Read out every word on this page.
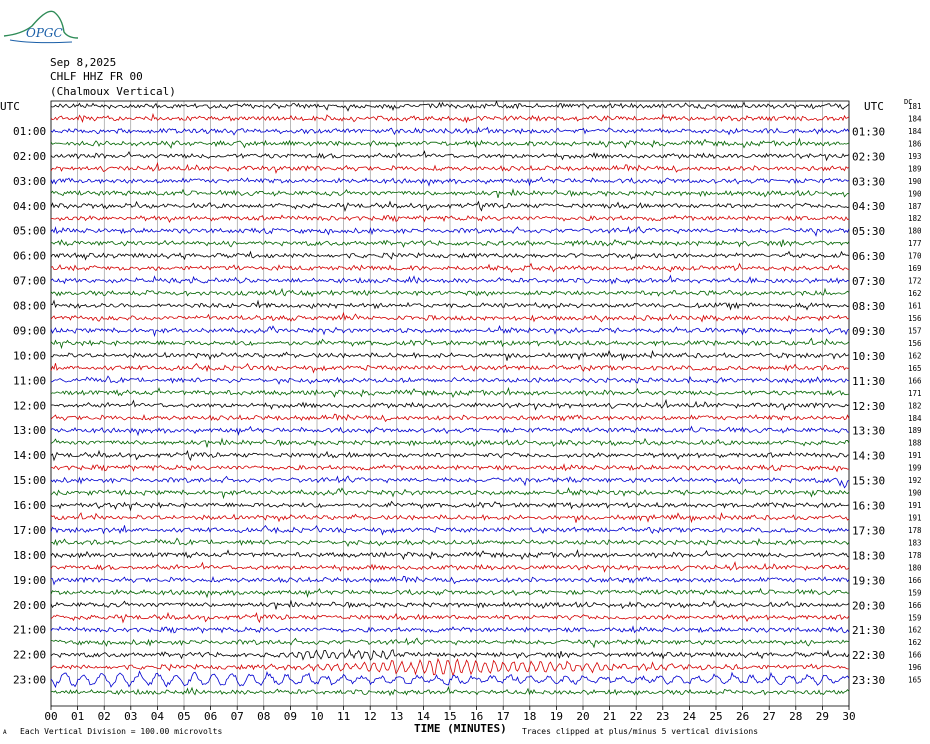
OPGC
Sep 8,2025
CHLF HHZ FR 00
(Chalmoux Vertical)
UTC	UTC	DC
181
184
184
186
193
189
190
190
187
182
180
177
170
169
172
162
161
156
157
156
162
165
166
171
182
184
189
188
191
199
192
190
191
191
178
183
178
180
166
159
166
159
162
162
166
196
165
01:00
02:00
03:00
04:00
05:00
06:00
07:00
08:00
09:00
10:00
11:00
12:00
13:00
14:00
15:00
16:00
17:00
18:00
19:00
20:00
21:00
22:00
23:00
01:30
02:30
03:30
04:30
05:30
06:30
07:30
08:30
09:30
10:30
11:30
12:30
13:30
14:30
15:30
16:30
17:30
18:30
19:30
20:30
21:30
22:30
23:30
00 01 02 03 04 05 06 07 08 09 10 11 12 13 14 15 16 17 18 19 20 21 22 23 24 25 26 27 28 29 30
TIME (MINUTES)
Each Vertical Division = 100.00 microvolts	Traces clipped at plus/minus 5 vertical divisions
A
